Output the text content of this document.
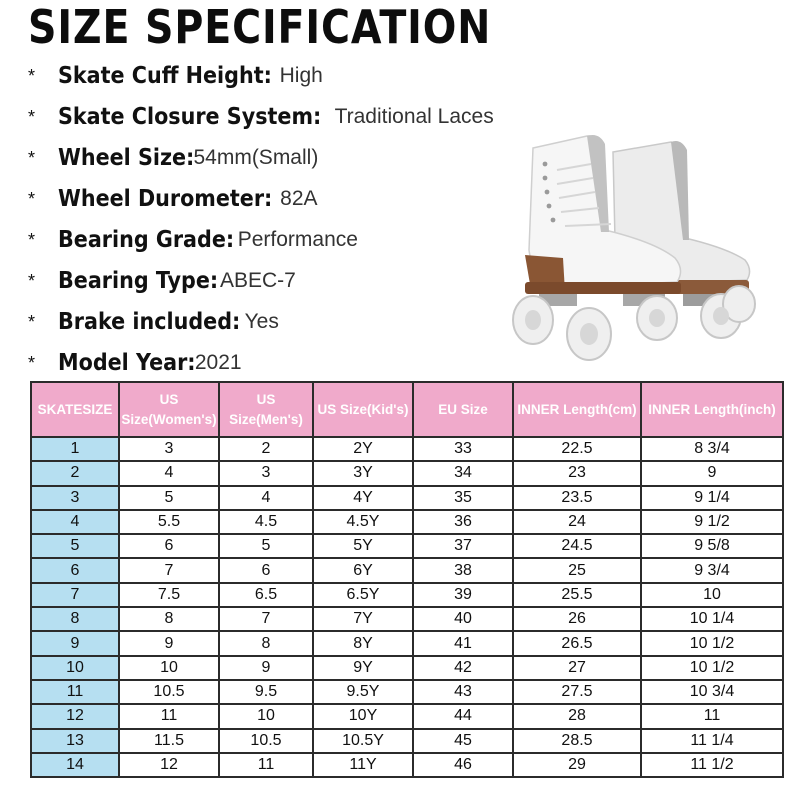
SIZE SPECIFICATION
* Skate Cuff Height: High
* Skate Closure System: Traditional Laces
* Wheel Size: 54mm(Small)
* Wheel Durometer: 82A
* Bearing Grade: Performance
* Bearing Type: ABEC-7
* Brake included: Yes
* Model Year: 2021
SKATESIZE	US Size(Women's)	US Size(Men's)	US Size(Kid's)	EU Size	INNER Length(cm)	INNER Length(inch)
1	3	2	2Y	33	22.5	8 3/4
2	4	3	3Y	34	23	9
3	5	4	4Y	35	23.5	9 1/4
4	5.5	4.5	4.5Y	36	24	9 1/2
5	6	5	5Y	37	24.5	9 5/8
6	7	6	6Y	38	25	9 3/4
7	7.5	6.5	6.5Y	39	25.5	10
8	8	7	7Y	40	26	10 1/4
9	9	8	8Y	41	26.5	10 1/2
10	10	9	9Y	42	27	10 1/2
11	10.5	9.5	9.5Y	43	27.5	10 3/4
12	11	10	10Y	44	28	11
13	11.5	10.5	10.5Y	45	28.5	11 1/4
14	12	11	11Y	46	29	11 1/2
